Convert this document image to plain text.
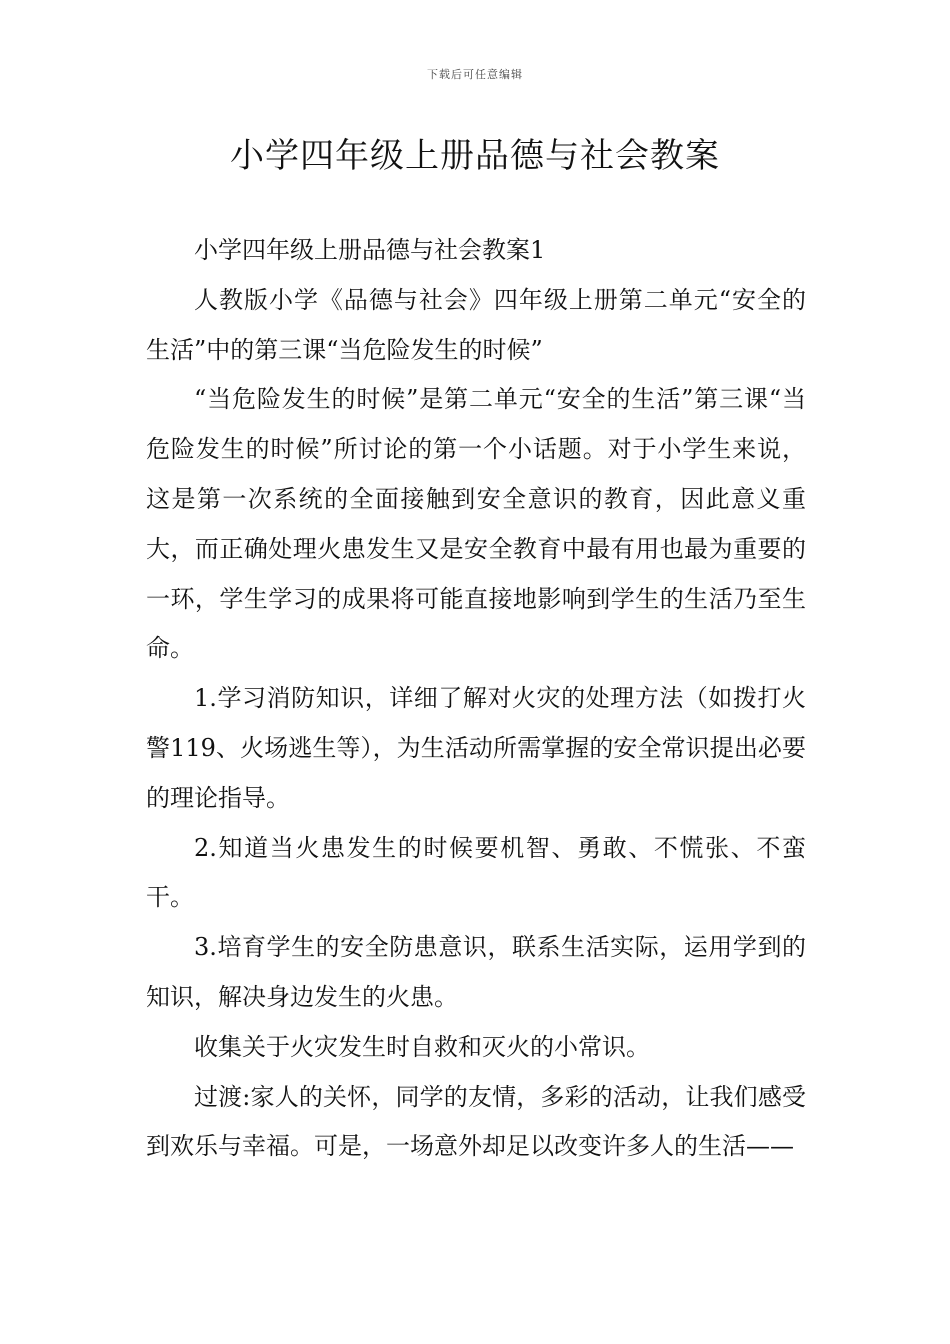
下载后可任意编辑
小学四年级上册品德与社会教案

小学四年级上册品德与社会教案1

人教版小学《品德与社会》四年级上册第二单元“安全的生活”中的第三课“当危险发生的时候”

“当危险发生的时候”是第二单元“安全的生活”第三课“当危险发生的时候”所讨论的第一个小话题。对于小学生来说，这是第一次系统的全面接触到安全意识的教育，因此意义重大，而正确处理火患发生又是安全教育中最有用也最为重要的一环，学生学习的成果将可能直接地影响到学生的生活乃至生命。

1.学习消防知识，详细了解对火灾的处理方法（如拨打火警119、火场逃生等），为生活动所需掌握的安全常识提出必要的理论指导。

2.知道当火患发生的时候要机智、勇敢、不慌张、不蛮干。

3.培育学生的安全防患意识，联系生活实际，运用学到的知识，解决身边发生的火患。

收集关于火灾发生时自救和灭火的小常识。

过渡:家人的关怀，同学的友情，多彩的活动，让我们感受到欢乐与幸福。可是，一场意外却足以改变许多人的生活——
